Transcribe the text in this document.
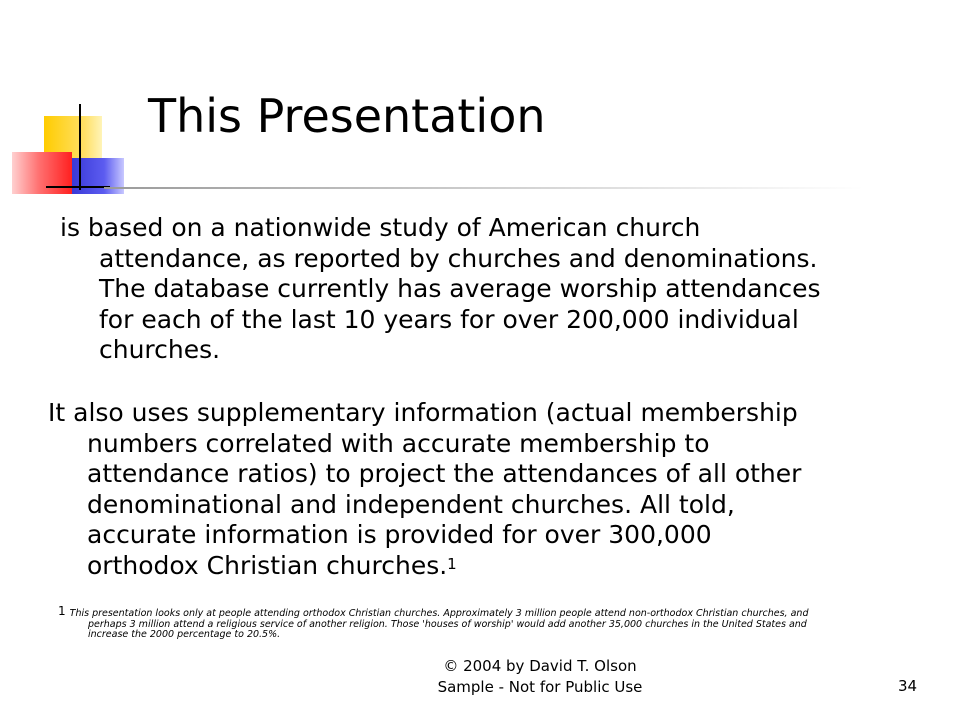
This Presentation
is based on a nationwide study of American church
attendance, as reported by churches and denominations.
The database currently has average worship attendances
for each of the last 10 years for over 200,000 individual
churches.
It also uses supplementary information (actual membership
numbers correlated with accurate membership to
attendance ratios) to project the attendances of all other
denominational and independent churches. All told,
accurate information is provided for over 300,000
orthodox Christian churches.$^1$
1 This presentation looks only at people attending orthodox Christian churches. Approximately 3 million people attend non-orthodox Christian churches, and
perhaps 3 million attend a religious service of another religion. Those 'houses of worship' would add another 35,000 churches in the United States and
increase the 2000 percentage to 20.5%.
© 2004 by David T. Olson
Sample - Not for Public Use	34
